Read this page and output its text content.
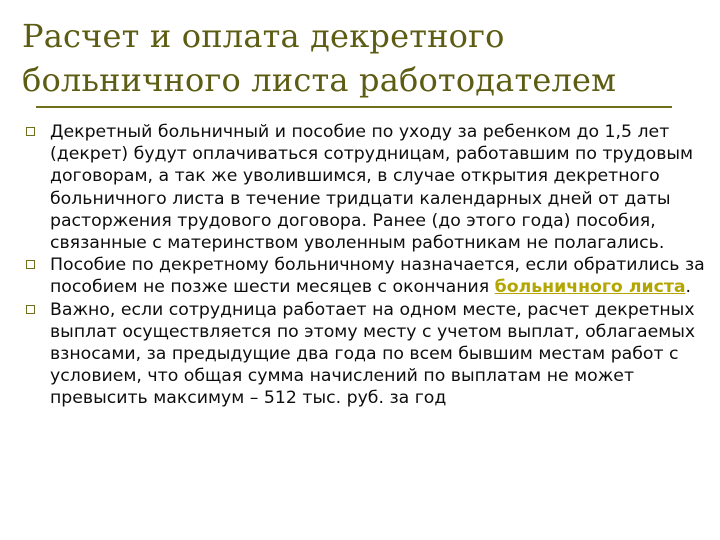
Расчет и оплата декретного больничного листа работодателем
Декретный больничный и пособие по уходу за ребенком до 1,5 лет (декрет) будут оплачиваться сотрудницам, работавшим по трудовым договорам, а так же уволившимся, в случае открытия декретного больничного листа в течение тридцати календарных дней от даты расторжения трудового договора. Ранее (до этого года) пособия, связанные с материнством уволенным работникам не полагались.
Пособие по декретному больничному назначается, если обратились за пособием не позже шести месяцев с окончания больничного листа.
Важно, если сотрудница работает на одном месте, расчет декретных выплат осуществляется по этому месту с учетом выплат, облагаемых взносами, за предыдущие два года по всем бывшим местам работ с условием, что общая сумма начислений по выплатам не может превысить максимум – 512 тыс. руб. за год
